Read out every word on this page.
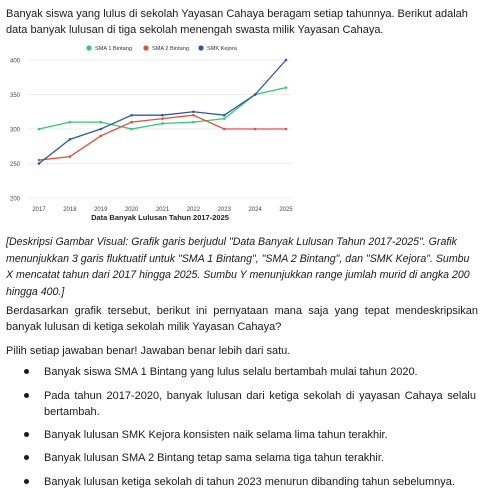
Banyak siswa yang lulus di sekolah Yayasan Cahaya beragam setiap tahunnya. Berikut adalah data banyak lulusan di tiga sekolah menengah swasta milik Yayasan Cahaya.

SMA 1 Bintang	SMA 2 Bintang	SMK Kejora
200
250
300
350
400
2017	2018	2019	2020	2021	2022	2023	2024	2025
Data Banyak Lulusan Tahun 2017-2025

[Deskripsi Gambar Visual: Grafik garis berjudul "Data Banyak Lulusan Tahun 2017-2025". Grafik menunjukkan 3 garis fluktuatif untuk "SMA 1 Bintang", "SMA 2 Bintang", dan "SMK Kejora". Sumbu X mencatat tahun dari 2017 hingga 2025. Sumbu Y menunjukkan range jumlah murid di angka 200 hingga 400.]

Berdasarkan grafik tersebut, berikut ini pernyataan mana saja yang tepat mendeskripsikan banyak lulusan di ketiga sekolah milik Yayasan Cahaya?

Pilih setiap jawaban benar! Jawaban benar lebih dari satu.

Banyak siswa SMA 1 Bintang yang lulus selalu bertambah mulai tahun 2020.
Pada tahun 2017-2020, banyak lulusan dari ketiga sekolah di yayasan Cahaya selalu bertambah.
Banyak lulusan SMK Kejora konsisten naik selama lima tahun terakhir.
Banyak lulusan SMA 2 Bintang tetap sama selama tiga tahun terakhir.
Banyak lulusan ketiga sekolah di tahun 2023 menurun dibanding tahun sebelumnya.
